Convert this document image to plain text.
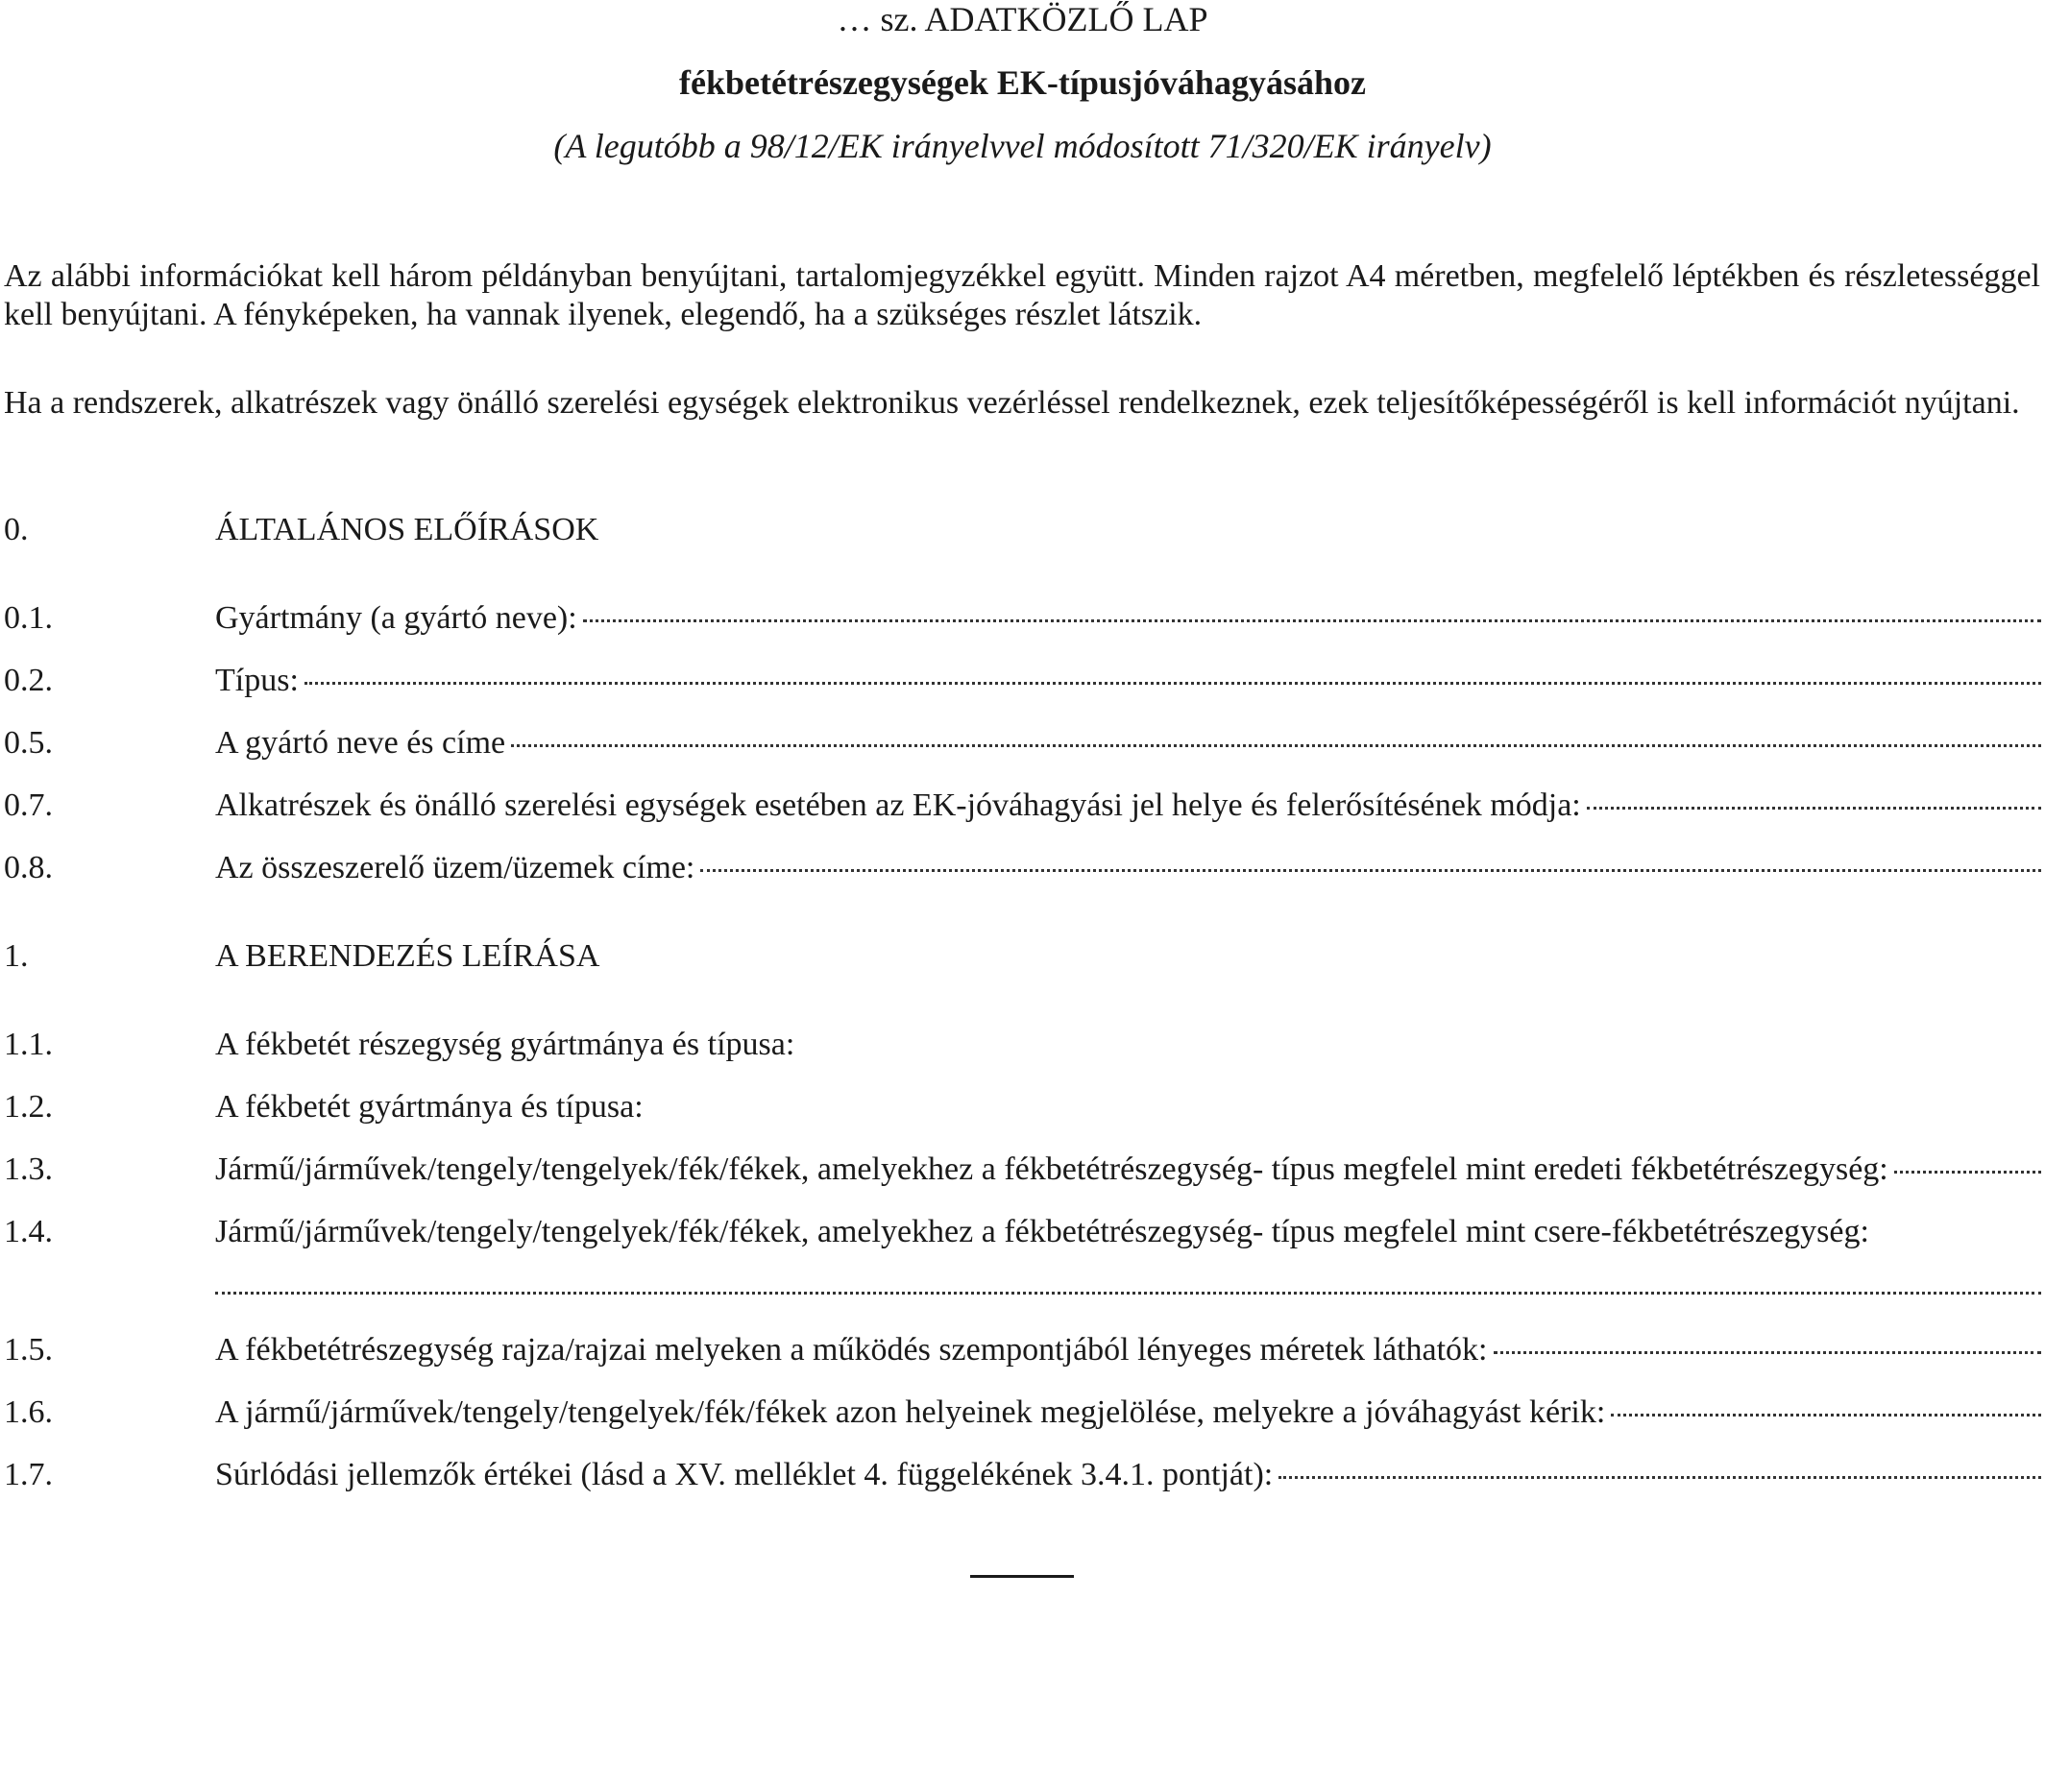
… sz. ADATKÖZLŐ LAP
fékbetétrészegységek EK-típusjóváhagyásához
(A legutóbb a 98/12/EK irányelvvel módosított 71/320/EK irányelv)
Az alábbi információkat kell három példányban benyújtani, tartalomjegyzékkel együtt. Minden rajzot A4 méretben, megfelelő léptékben és részletességgel kell benyújtani. A fényképeken, ha vannak ilyenek, elegendő, ha a szükséges részlet látszik.
Ha a rendszerek, alkatrészek vagy önálló szerelési egységek elektronikus vezérléssel rendelkeznek, ezek teljesítőképességéről is kell információt nyújtani.
0.	ÁLTALÁNOS ELŐÍRÁSOK
0.1.	Gyártmány (a gyártó neve):
0.2.	Típus:
0.5.	A gyártó neve és címe
0.7.	Alkatrészek és önálló szerelési egységek esetében az EK-jóváhagyási jel helye és felerősítésének módja:
0.8.	Az összeszerelő üzem/üzemek címe:
1.	A BERENDEZÉS LEÍRÁSA
1.1.	A fékbetét részegység gyártmánya és típusa:
1.2.	A fékbetét gyártmánya és típusa:
1.3.	Jármű/járművek/tengely/tengelyek/fék/fékek, amelyekhez a fékbetétrészegység- típus megfelel mint eredeti fékbetétrészegység:
1.4.	Jármű/járművek/tengely/tengelyek/fék/fékek, amelyekhez a fékbetétrészegység- típus megfelel mint csere-fékbetétrészegység:
1.5.	A fékbetétrészegység rajza/rajzai melyeken a működés szempontjából lényeges méretek láthatók:
1.6.	A jármű/járművek/tengely/tengelyek/fék/fékek azon helyeinek megjelölése, melyekre a jóváhagyást kérik:
1.7.	Súrlódási jellemzők értékei (lásd a XV. melléklet 4. függelékének 3.4.1. pontját):
